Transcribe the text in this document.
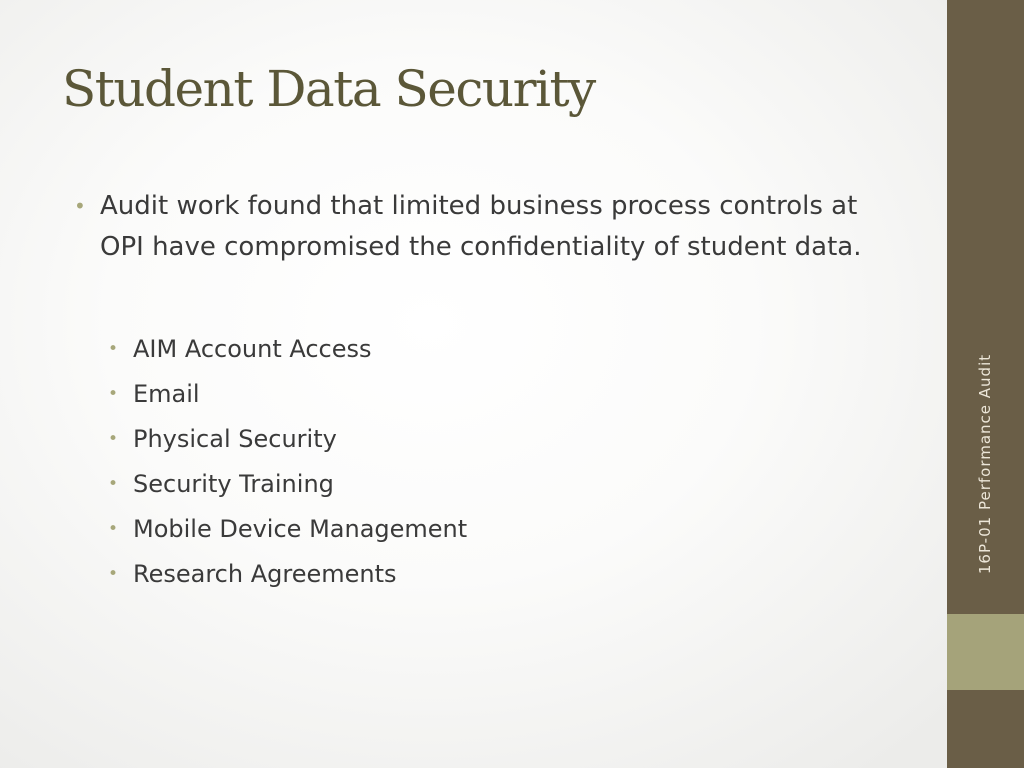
Student Data Security
• Audit work found that limited business process controls at OPI have compromised the confidentiality of student data.
• AIM Account Access
• Email
• Physical Security
• Security Training
• Mobile Device Management
• Research Agreements	16P-01 Performance Audit
